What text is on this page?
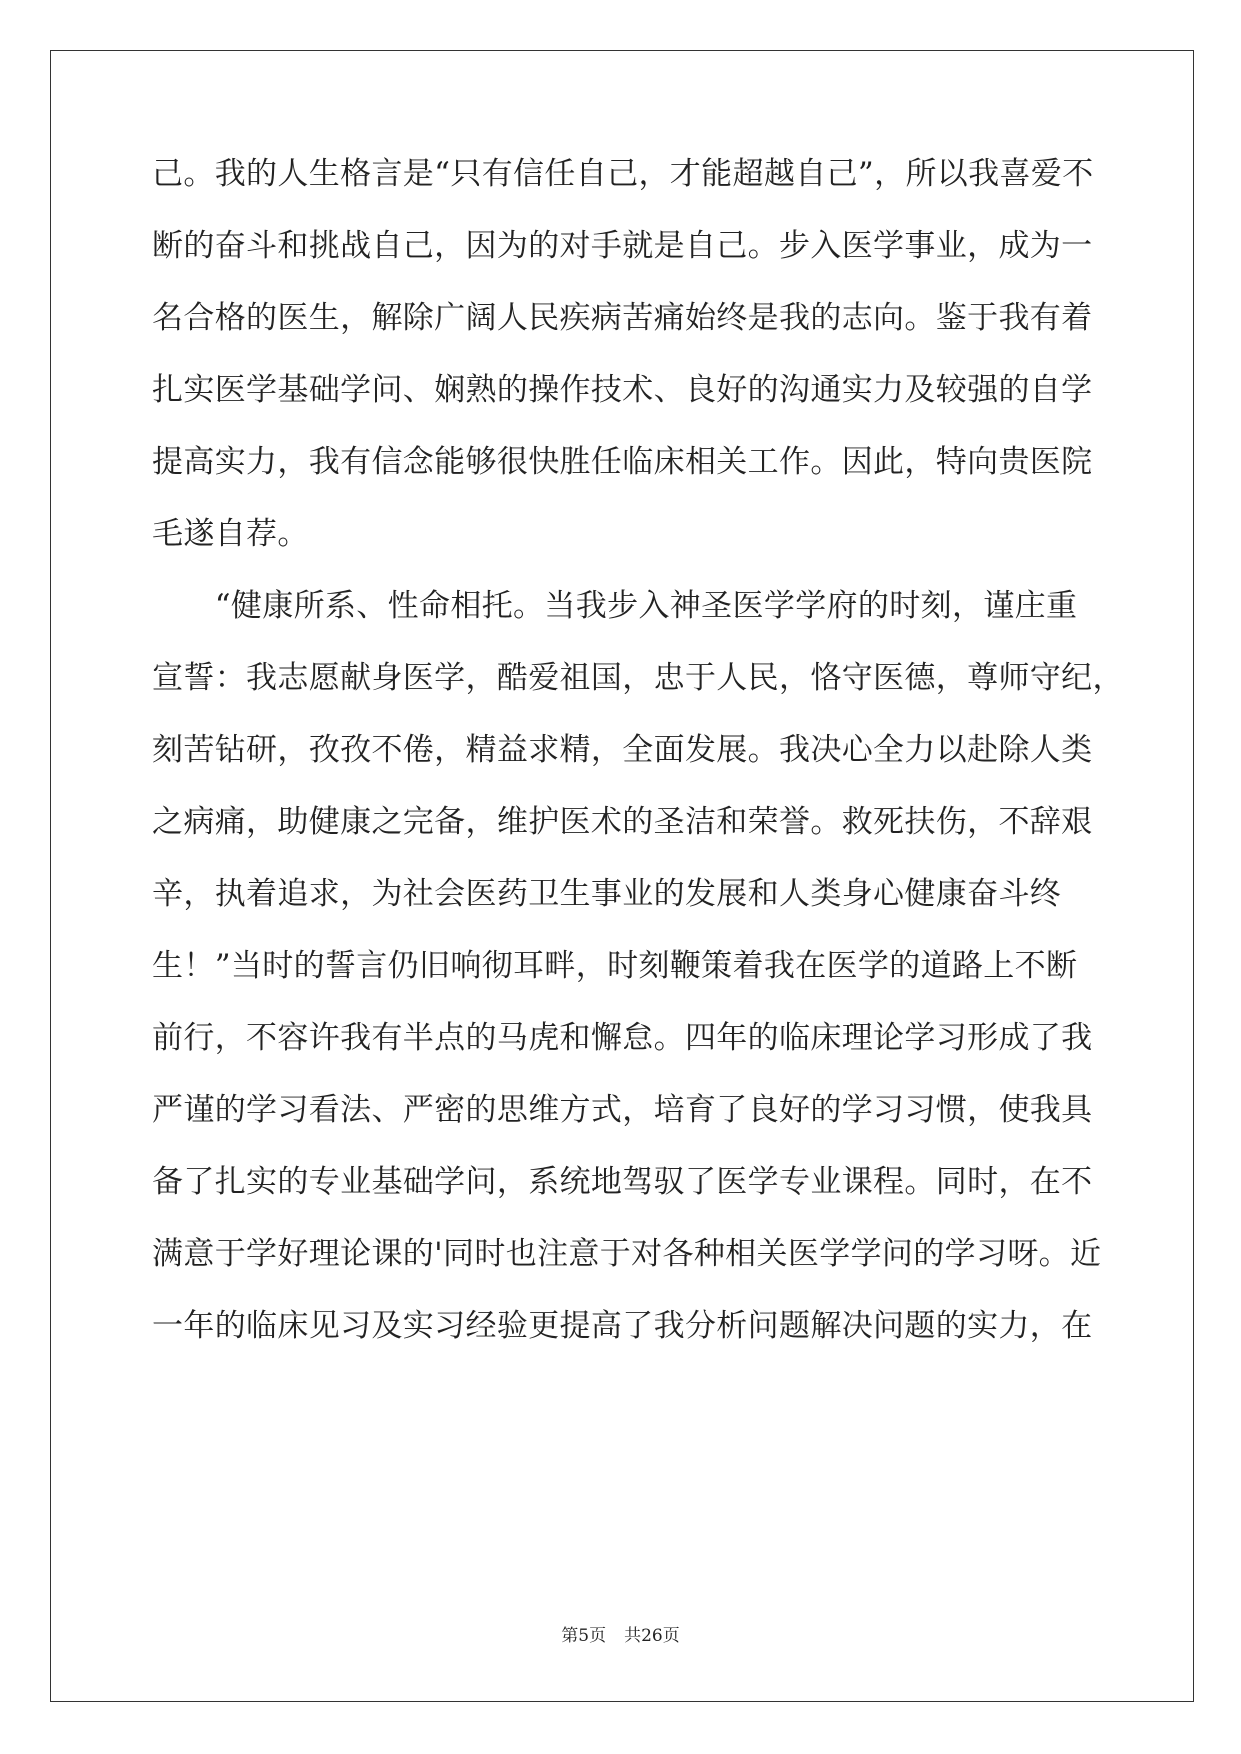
己。我的人生格言是“只有信任自己，才能超越自己”，所以我喜爱不
断的奋斗和挑战自己，因为的对手就是自己。步入医学事业，成为一
名合格的医生，解除广阔人民疾病苦痛始终是我的志向。鉴于我有着
扎实医学基础学问、娴熟的操作技术、良好的沟通实力及较强的自学
提高实力，我有信念能够很快胜任临床相关工作。因此，特向贵医院
毛遂自荐。
　　“健康所系、性命相托。当我步入神圣医学学府的时刻，谨庄重
宣誓：我志愿献身医学，酷爱祖国，忠于人民，恪守医德，尊师守纪，
刻苦钻研，孜孜不倦，精益求精，全面发展。我决心全力以赴除人类
之病痛，助健康之完备，维护医术的圣洁和荣誉。救死扶伤，不辞艰
辛，执着追求，为社会医药卫生事业的发展和人类身心健康奋斗终
生！”当时的誓言仍旧响彻耳畔，时刻鞭策着我在医学的道路上不断
前行，不容许我有半点的马虎和懈怠。四年的临床理论学习形成了我
严谨的学习看法、严密的思维方式，培育了良好的学习习惯，使我具
备了扎实的专业基础学问，系统地驾驭了医学专业课程。同时，在不
满意于学好理论课的'同时也注意于对各种相关医学学问的学习呀。近
一年的临床见习及实习经验更提高了我分析问题解决问题的实力，在
第5页 共26页
